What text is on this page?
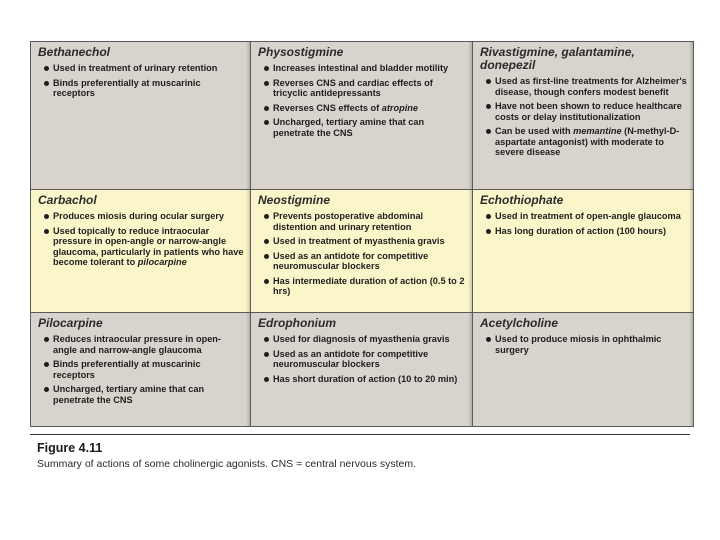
Bethanechol
Used in treatment of urinary retention
Binds preferentially at muscarinic receptors
Physostigmine
Increases intestinal and bladder motility
Reverses CNS and cardiac effects of tricyclic antidepressants
Reverses CNS effects of atropine
Uncharged, tertiary amine that can penetrate the CNS
Rivastigmine, galantamine, donepezil
Used as first-line treatments for Alzheimer's disease, though confers modest benefit
Have not been shown to reduce healthcare costs or delay institutionalization
Can be used with memantine (N-methyl-D-aspartate antagonist) with moderate to severe disease
Carbachol
Produces miosis during ocular surgery
Used topically to reduce intraocular pressure in open-angle or narrow-angle glaucoma, particularly in patients who have become tolerant to pilocarpine
Neostigmine
Prevents postoperative abdominal distention and urinary retention
Used in treatment of myasthenia gravis
Used as an antidote for competitive neuromuscular blockers
Has intermediate duration of action (0.5 to 2 hrs)
Echothiophate
Used in treatment of open-angle glaucoma
Has long duration of action (100 hours)
Pilocarpine
Reduces intraocular pressure in open-angle and narrow-angle glaucoma
Binds preferentially at muscarinic receptors
Uncharged, tertiary amine that can penetrate the CNS
Edrophonium
Used for diagnosis of myasthenia gravis
Used as an antidote for competitive neuromuscular blockers
Has short duration of action (10 to 20 min)
Acetylcholine
Used to produce miosis in ophthalmic surgery
Figure 4.11
Summary of actions of some cholinergic agonists. CNS = central nervous system.
